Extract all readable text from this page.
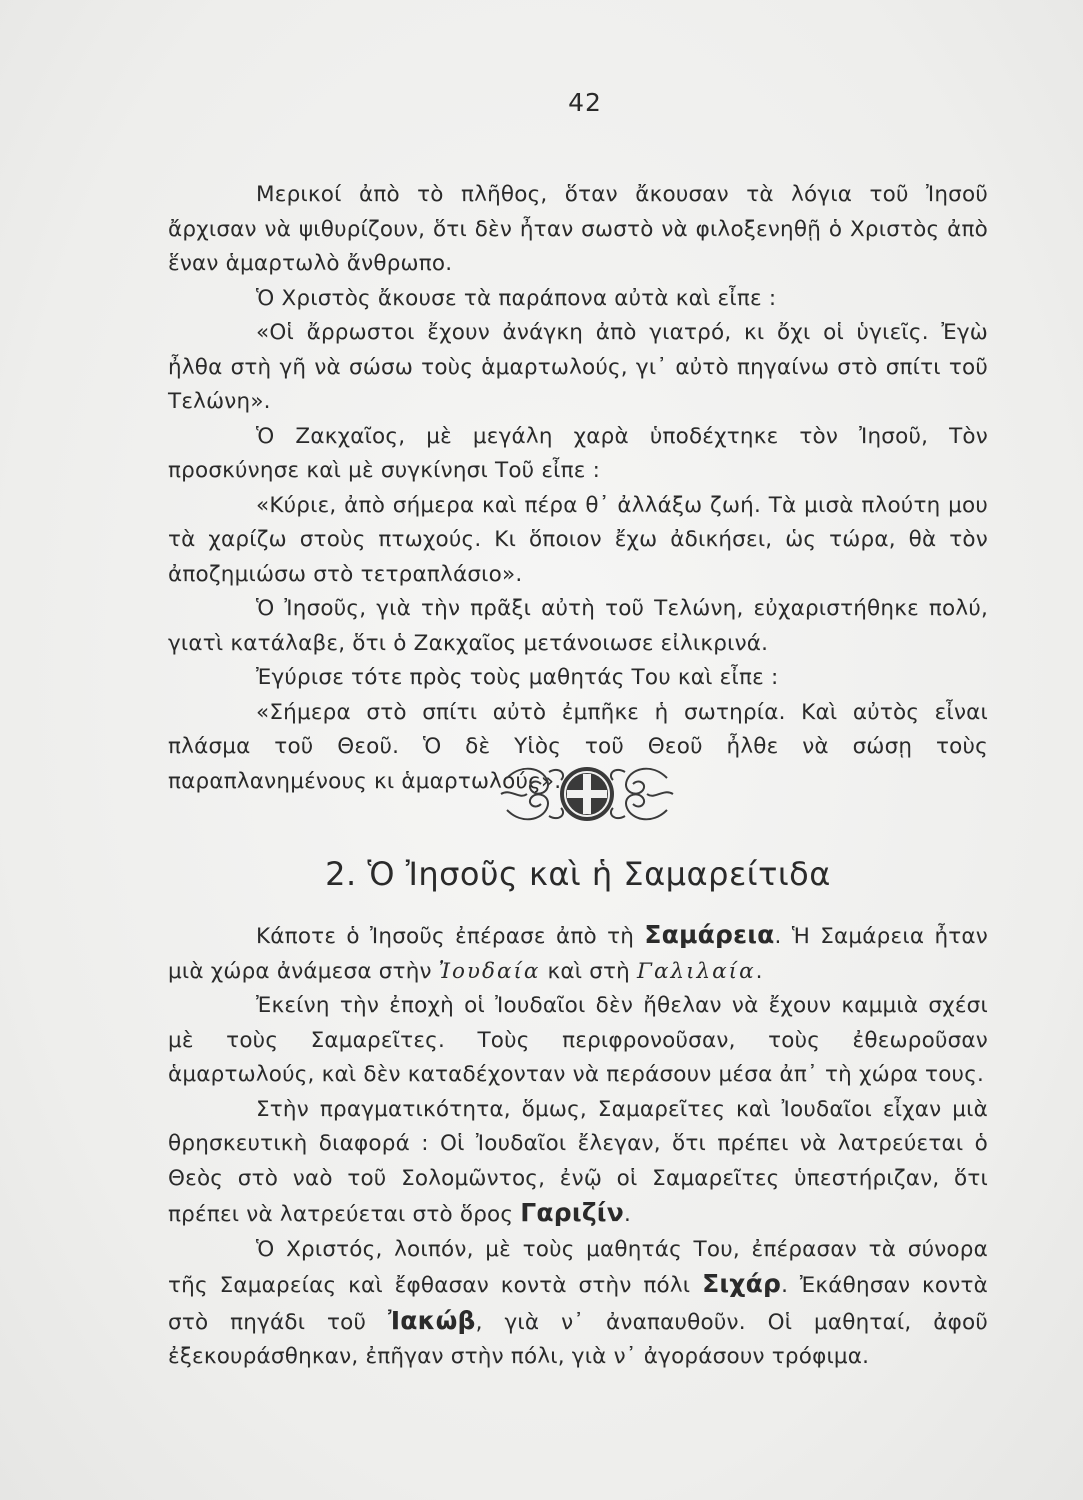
42

Μερικοί ἀπὸ τὸ πλῆθος, ὅταν ἄκουσαν τὰ λόγια τοῦ Ἰησοῦ ἄρχισαν νὰ ψιθυρίζουν, ὅτι δὲν ἦταν σωστὸ νὰ φιλοξενηθῇ ὁ Χριστὸς ἀπὸ ἕναν ἁμαρτωλὸ ἄνθρωπο.

Ὁ Χριστὸς ἄκουσε τὰ παράπονα αὐτὰ καὶ εἶπε :

«Οἱ ἄρρωστοι ἔχουν ἀνάγκη ἀπὸ γιατρό, κι ὄχι οἱ ὑγιεῖς. Ἐγὼ ἦλθα στὴ γῆ νὰ σώσω τοὺς ἁμαρτωλούς, γι᾽ αὐτὸ πηγαίνω στὸ σπίτι τοῦ Τελώνη».

Ὁ Ζακχαῖος, μὲ μεγάλη χαρὰ ὑποδέχτηκε τὸν Ἰησοῦ, Τὸν προσκύνησε καὶ μὲ συγκίνησι Τοῦ εἶπε :

«Κύριε, ἀπὸ σήμερα καὶ πέρα θ᾽ ἀλλάξω ζωή. Τὰ μισὰ πλούτη μου τὰ χαρίζω στοὺς πτωχούς. Κι ὅποιον ἔχω ἀδικήσει, ὡς τώρα, θὰ τὸν ἀποζημιώσω στὸ τετραπλάσιο».

Ὁ Ἰησοῦς, γιὰ τὴν πρᾶξι αὐτὴ τοῦ Τελώνη, εὐχαριστήθηκε πολύ, γιατὶ κατάλαβε, ὅτι ὁ Ζακχαῖος μετάνοιωσε εἰλικρινά.

Ἐγύρισε τότε πρὸς τοὺς μαθητάς Του καὶ εἶπε :

«Σήμερα στὸ σπίτι αὐτὸ ἐμπῆκε ἡ σωτηρία. Καὶ αὐτὸς εἶναι πλάσμα τοῦ Θεοῦ. Ὁ δὲ Υἱὸς τοῦ Θεοῦ ἦλθε νὰ σώσῃ τοὺς παραπλανημένους κι ἁμαρτωλούς».

2. Ὁ Ἰησοῦς καὶ ἡ Σαμαρείτιδα

Κάποτε ὁ Ἰησοῦς ἐπέρασε ἀπὸ τὴ Σαμάρεια. Ἡ Σαμάρεια ἦταν μιὰ χώρα ἀνάμεσα στὴν Ἰουδαία καὶ στὴ Γαλιλαία.

Ἐκείνη τὴν ἐποχὴ οἱ Ἰουδαῖοι δὲν ἤθελαν νὰ ἔχουν καμμιὰ σχέσι μὲ τοὺς Σαμαρεῖτες. Τοὺς περιφρονοῦσαν, τοὺς ἐθεωροῦσαν ἁμαρτωλούς, καὶ δὲν καταδέχονταν νὰ περάσουν μέσα ἀπ᾽ τὴ χώρα τους.

Στὴν πραγματικότητα, ὅμως, Σαμαρεῖτες καὶ Ἰουδαῖοι εἶχαν μιὰ θρησκευτικὴ διαφορά : Οἱ Ἰουδαῖοι ἔλεγαν, ὅτι πρέπει νὰ λατρεύεται ὁ Θεὸς στὸ ναὸ τοῦ Σολομῶντος, ἐνῷ οἱ Σαμαρεῖτες ὑπεστήριζαν, ὅτι πρέπει νὰ λατρεύεται στὸ ὅρος Γαριζίν.

Ὁ Χριστός, λοιπόν, μὲ τοὺς μαθητάς Του, ἐπέρασαν τὰ σύνορα τῆς Σαμαρείας καὶ ἔφθασαν κοντὰ στὴν πόλι Σιχάρ. Ἐκάθησαν κοντὰ στὸ πηγάδι τοῦ Ἰακώβ, γιὰ ν᾽ ἀναπαυθοῦν. Οἱ μαθηταί, ἀφοῦ ἐξεκουράσθηκαν, ἐπῆγαν στὴν πόλι, γιὰ ν᾽ ἀγοράσουν τρόφιμα.
